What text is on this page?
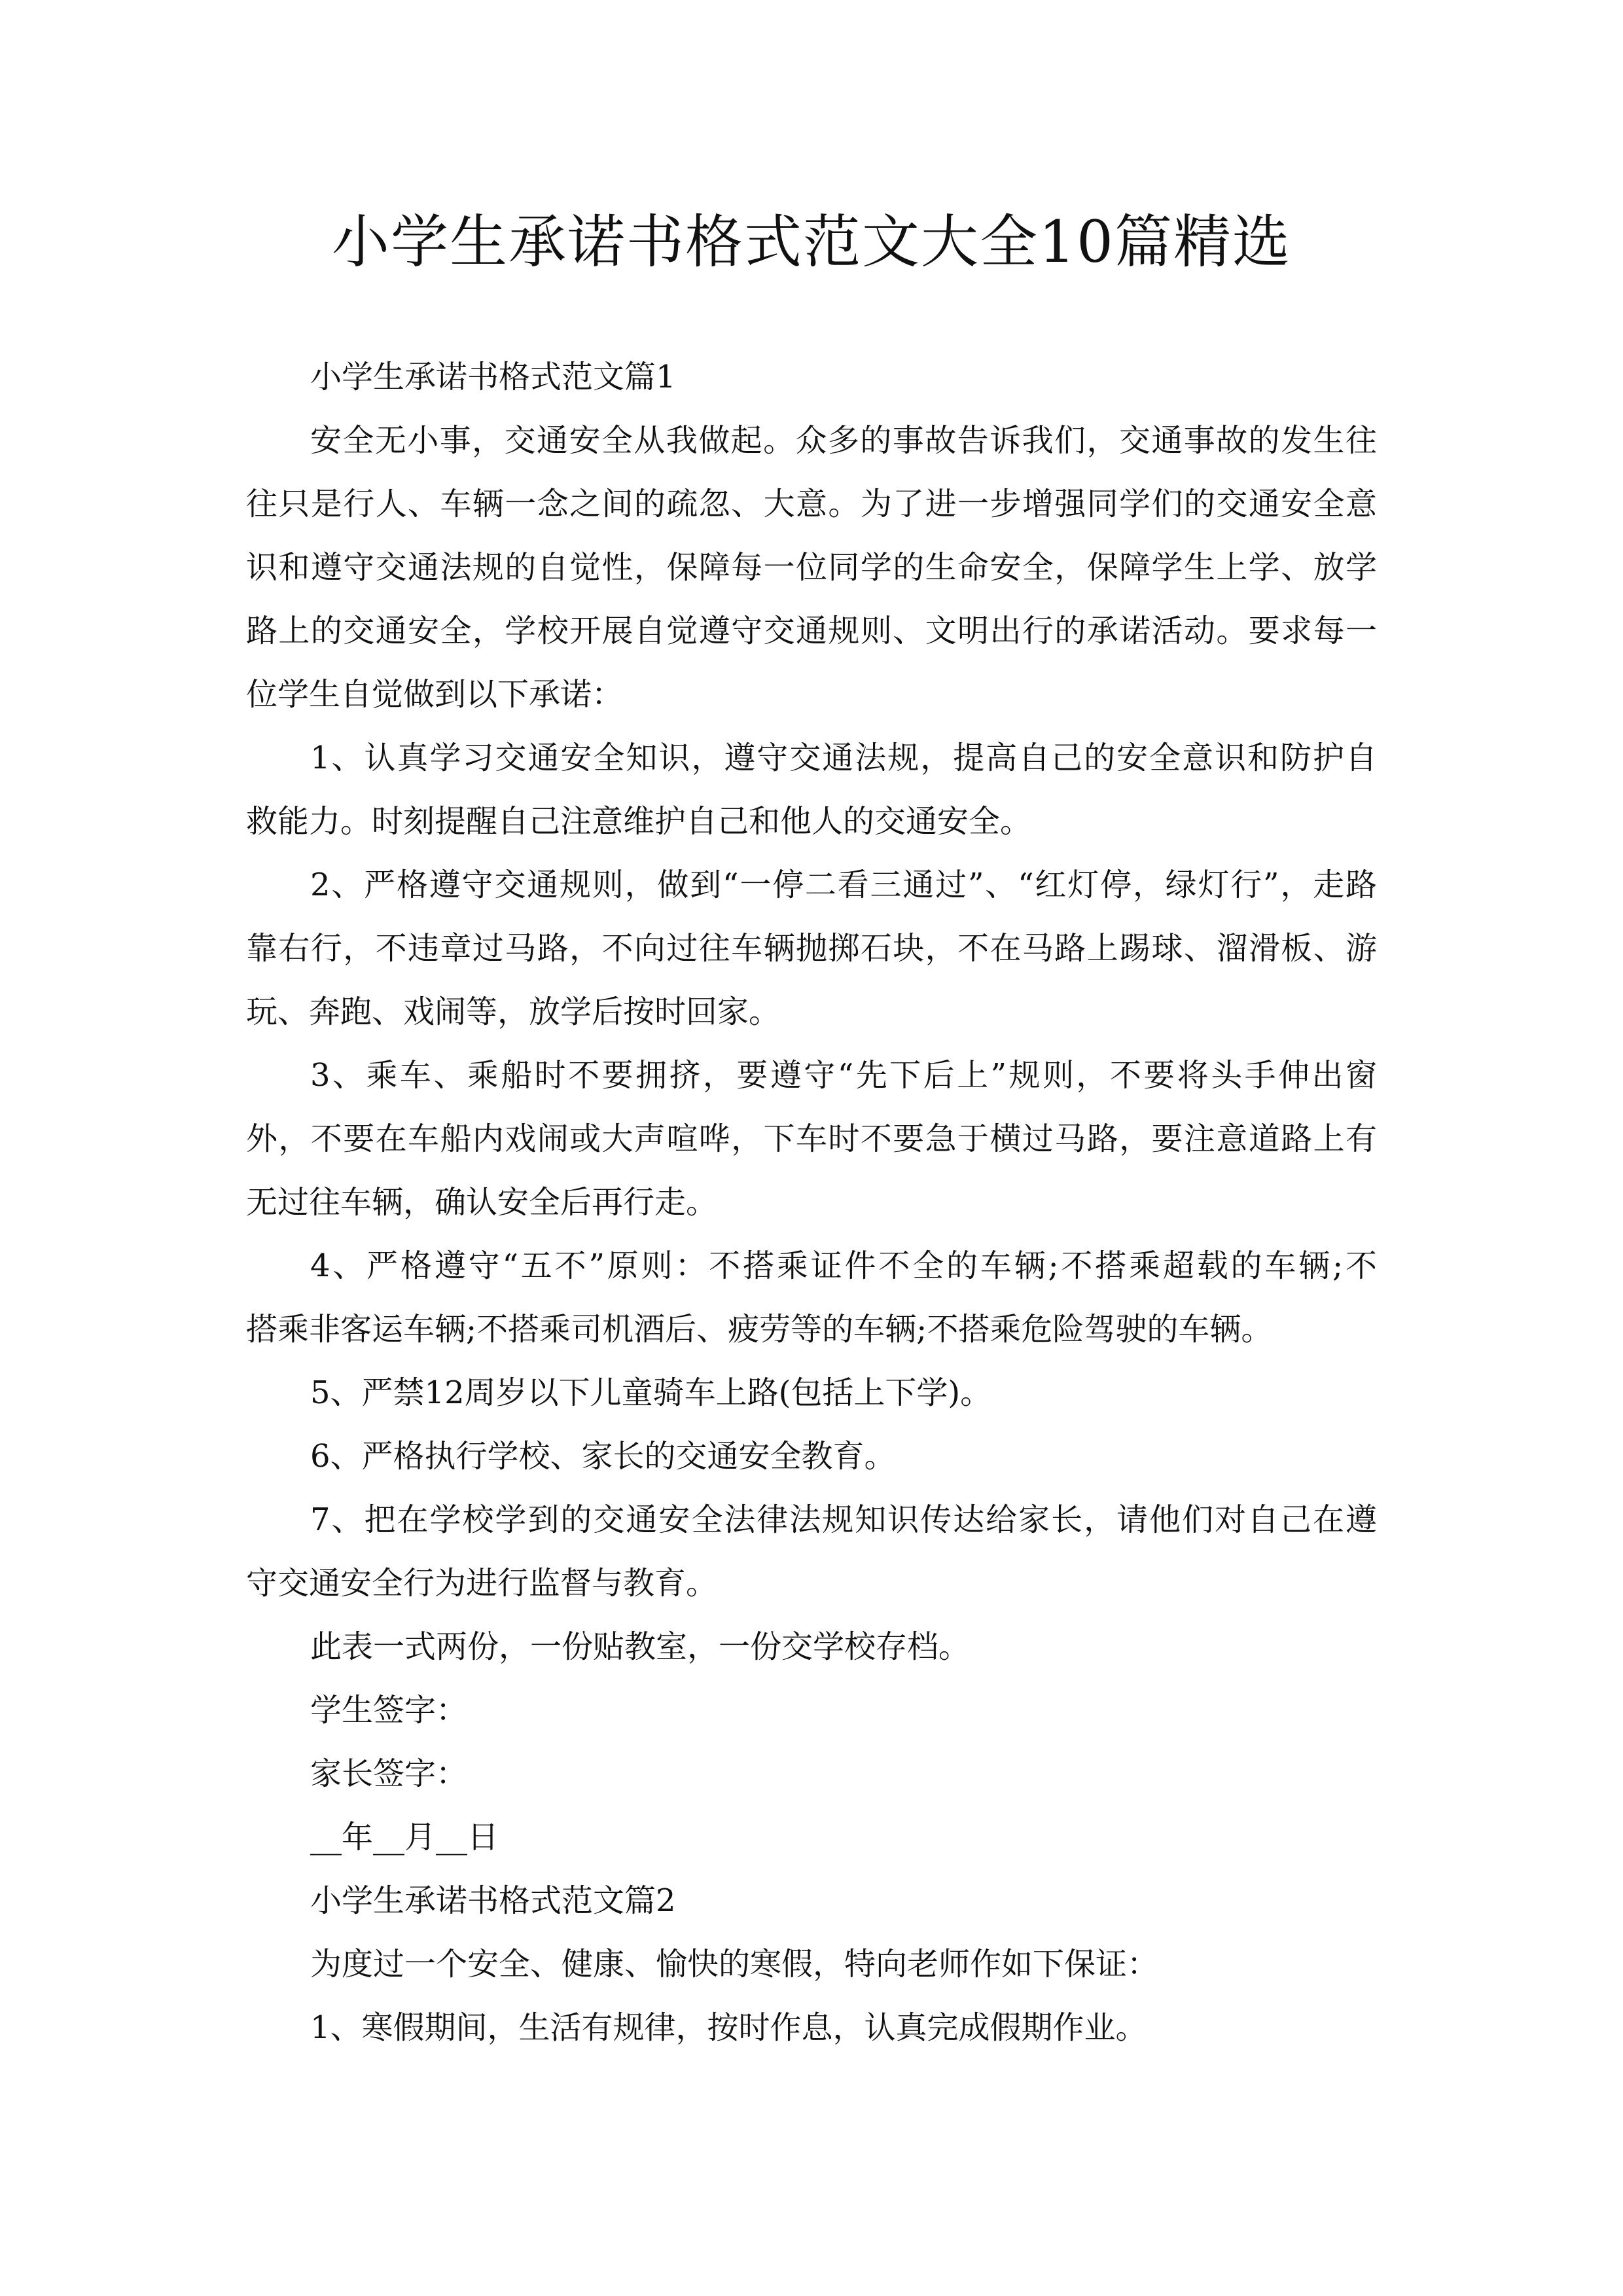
小学生承诺书格式范文大全10篇精选
小学生承诺书格式范文篇1
安全无小事，交通安全从我做起。众多的事故告诉我们，交通事故的发生往
往只是行人、车辆一念之间的疏忽、大意。为了进一步增强同学们的交通安全意
识和遵守交通法规的自觉性，保障每一位同学的生命安全，保障学生上学、放学
路上的交通安全，学校开展自觉遵守交通规则、文明出行的承诺活动。要求每一
位学生自觉做到以下承诺：
1、认真学习交通安全知识，遵守交通法规，提高自己的安全意识和防护自
救能力。时刻提醒自己注意维护自己和他人的交通安全。
2、严格遵守交通规则，做到“一停二看三通过”、“红灯停，绿灯行”，走路
靠右行，不违章过马路，不向过往车辆抛掷石块，不在马路上踢球、溜滑板、游
玩、奔跑、戏闹等，放学后按时回家。
3、乘车、乘船时不要拥挤，要遵守“先下后上”规则，不要将头手伸出窗
外，不要在车船内戏闹或大声喧哗，下车时不要急于横过马路，要注意道路上有
无过往车辆，确认安全后再行走。
4、严格遵守“五不”原则：不搭乘证件不全的车辆;不搭乘超载的车辆;不
搭乘非客运车辆;不搭乘司机酒后、疲劳等的车辆;不搭乘危险驾驶的车辆。
5、严禁12周岁以下儿童骑车上路(包括上下学)。
6、严格执行学校、家长的交通安全教育。
7、把在学校学到的交通安全法律法规知识传达给家长，请他们对自己在遵
守交通安全行为进行监督与教育。
此表一式两份，一份贴教室，一份交学校存档。
学生签字：
家长签字：
__年__月__日
小学生承诺书格式范文篇2
为度过一个安全、健康、愉快的寒假，特向老师作如下保证：
1、寒假期间，生活有规律，按时作息，认真完成假期作业。
